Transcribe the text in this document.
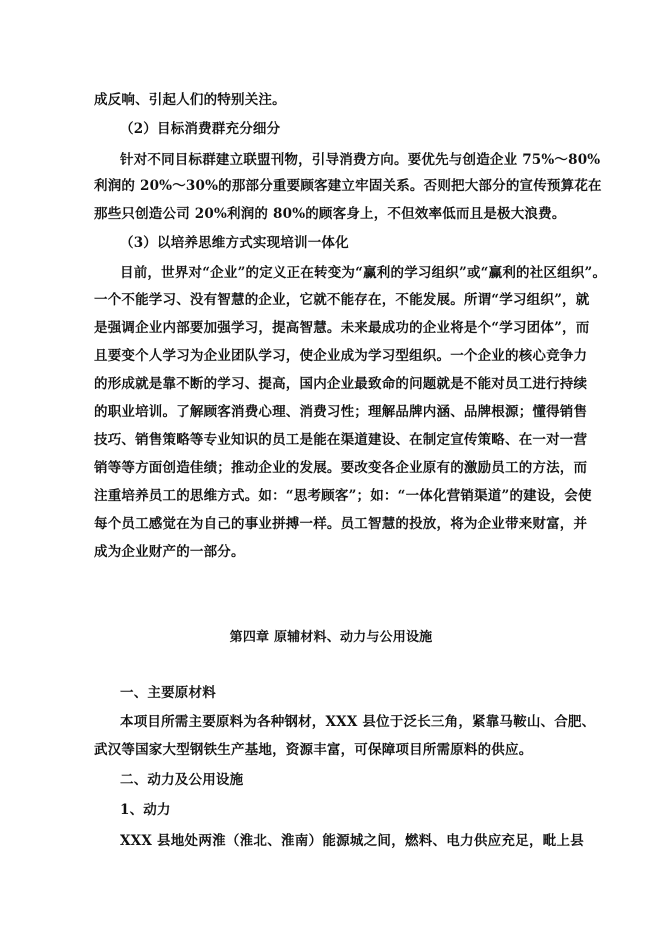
成反响、引起人们的特别关注。
（2）目标消费群充分细分
针对不同目标群建立联盟刊物，引导消费方向。要优先与创造企业 75%～80%
利润的 20%～30%的那部分重要顾客建立牢固关系。否则把大部分的宣传预算花在
那些只创造公司 20%利润的 80%的顾客身上，不但效率低而且是极大浪费。
（3）以培养思维方式实现培训一体化
目前，世界对“企业”的定义正在转变为“赢利的学习组织”或“赢利的社区组织”。
一个不能学习、没有智慧的企业，它就不能存在，不能发展。所谓“学习组织”，就
是强调企业内部要加强学习，提高智慧。未来最成功的企业将是个“学习团体”，而
且要变个人学习为企业团队学习，使企业成为学习型组织。一个企业的核心竞争力
的形成就是靠不断的学习、提高，国内企业最致命的问题就是不能对员工进行持续
的职业培训。了解顾客消费心理、消费习性；理解品牌内涵、品牌根源；懂得销售
技巧、销售策略等专业知识的员工是能在渠道建设、在制定宣传策略、在一对一营
销等等方面创造佳绩；推动企业的发展。要改变各企业原有的激励员工的方法，而
注重培养员工的思维方式。如：“思考顾客”；如：“一体化营销渠道”的建设，会使
每个员工感觉在为自己的事业拼搏一样。员工智慧的投放，将为企业带来财富，并
成为企业财产的一部分。
第四章 原辅材料、动力与公用设施
一、主要原材料
本项目所需主要原料为各种钢材，XXX 县位于泛长三角，紧靠马鞍山、合肥、
武汉等国家大型钢铁生产基地，资源丰富，可保障项目所需原料的供应。
二、动力及公用设施
1、动力
XXX 县地处两淮（淮北、淮南）能源城之间，燃料、电力供应充足，毗上县
